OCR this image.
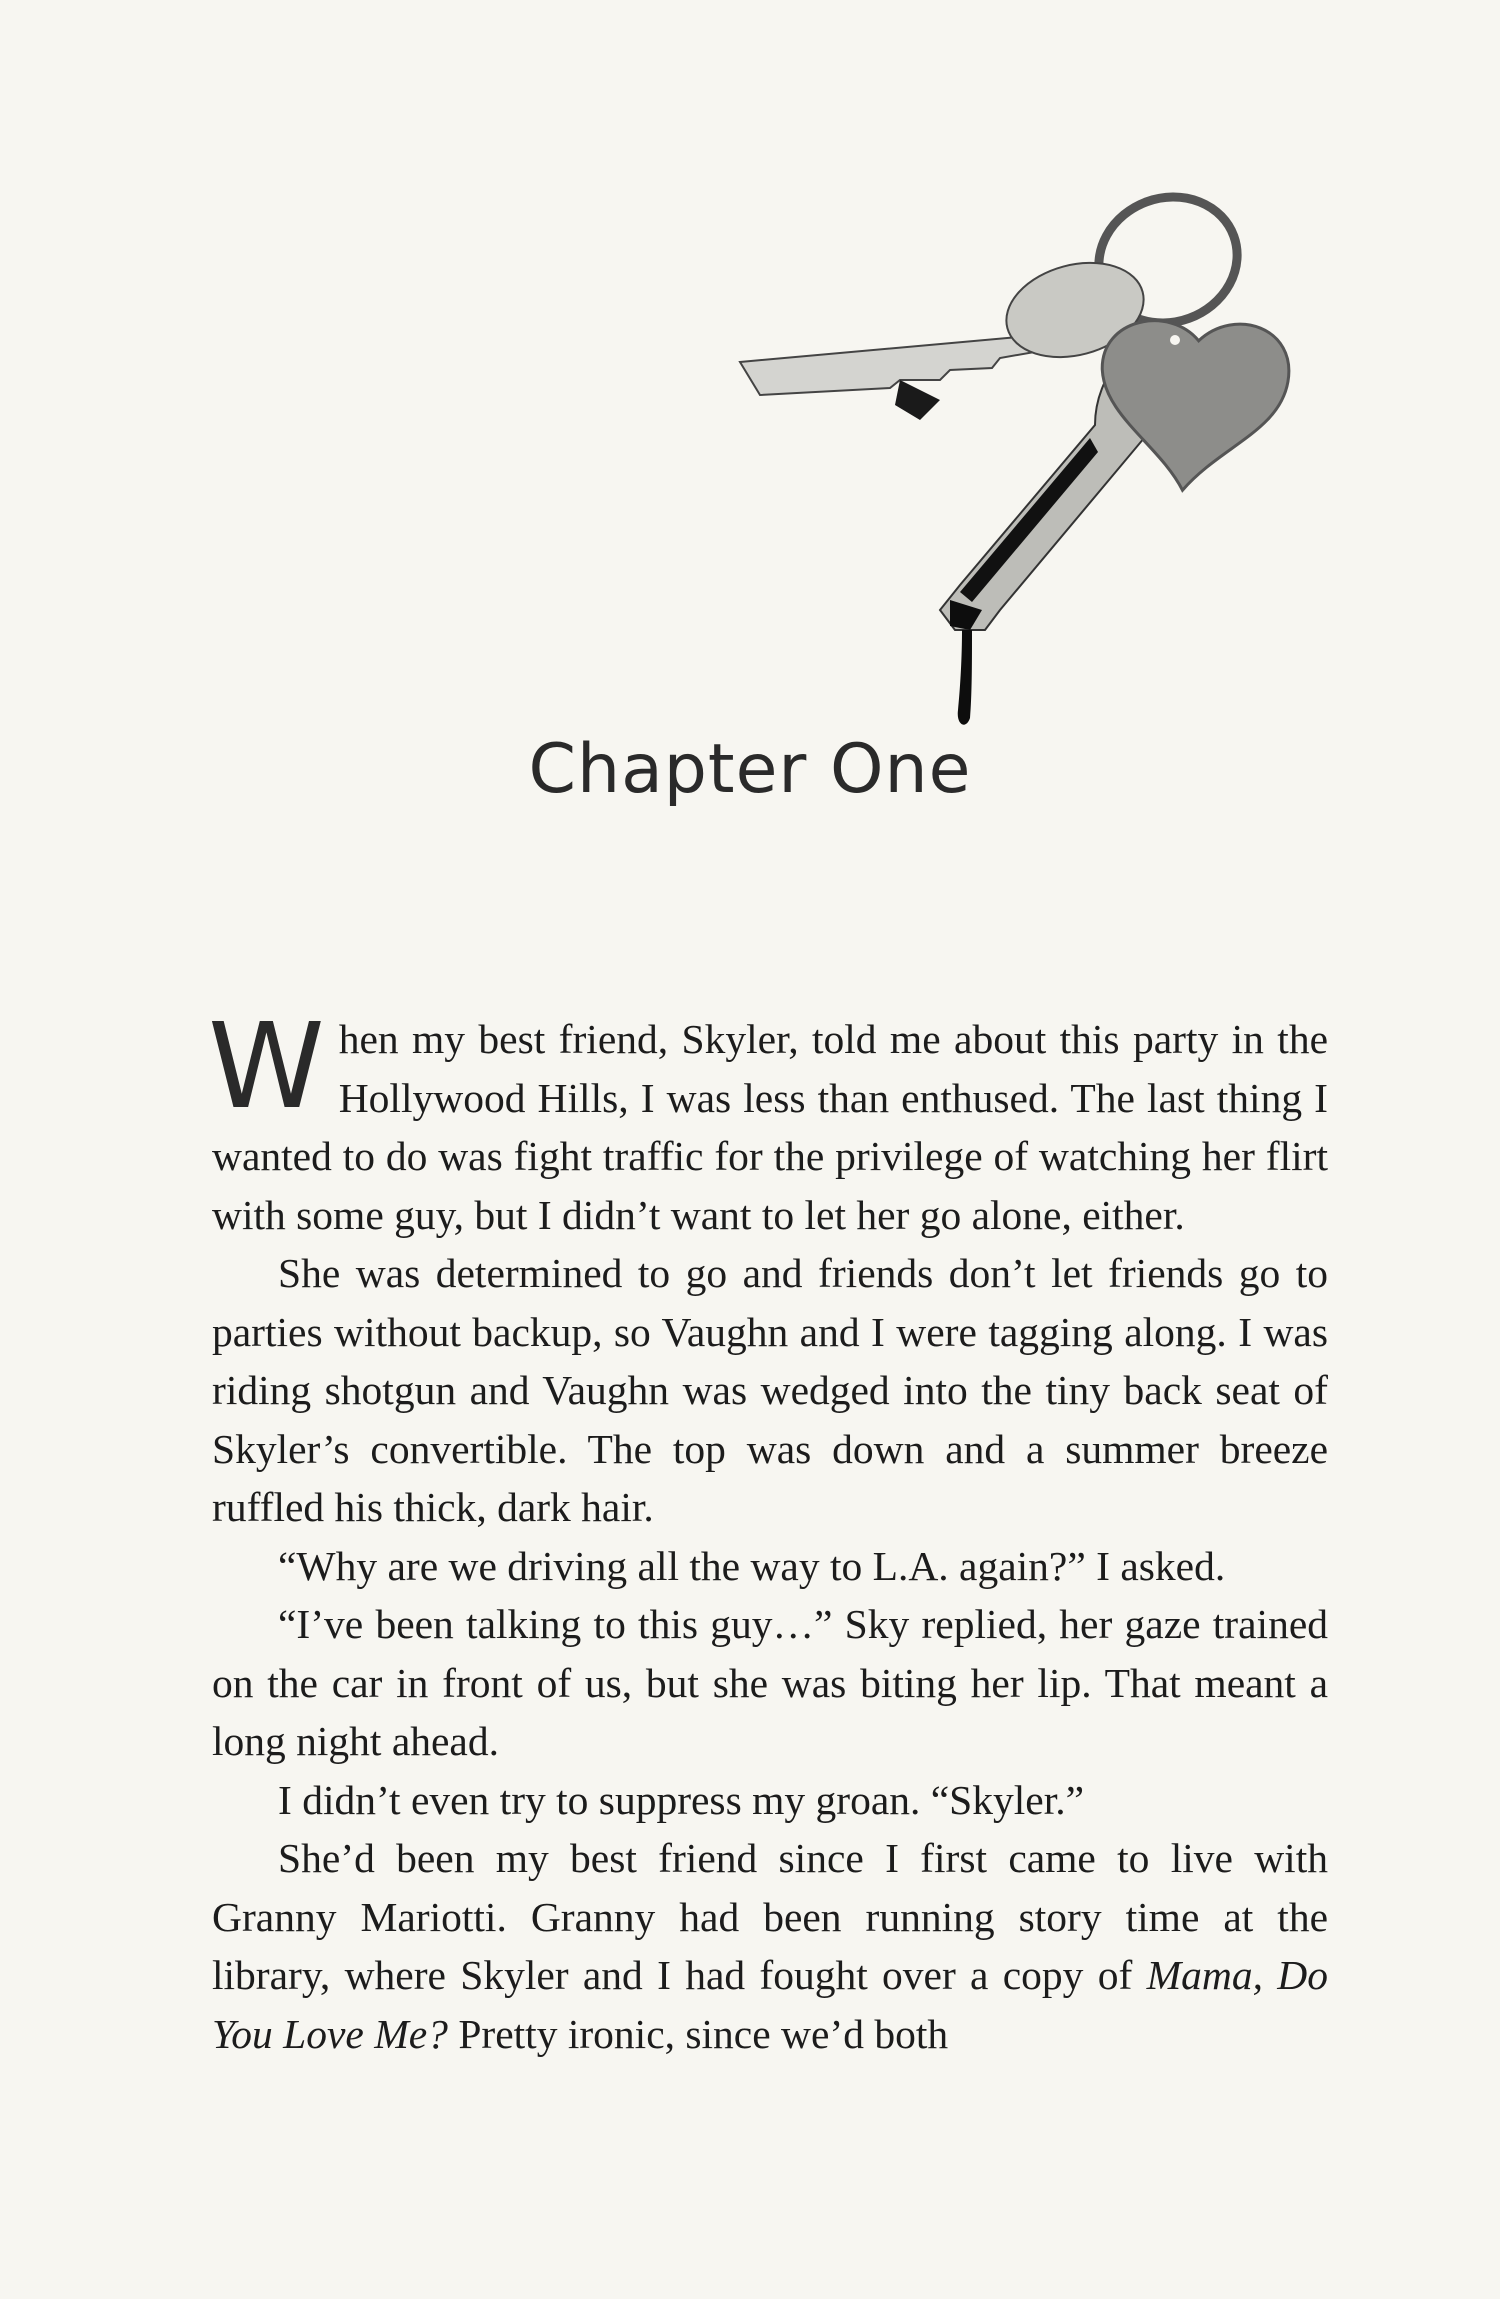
Chapter One

When my best friend, Skyler, told me about this party in the Hollywood Hills, I was less than enthused. The last thing I wanted to do was fight traffic for the privilege of watching her flirt with some guy, but I didn’t want to let her go alone, either.

She was determined to go and friends don’t let friends go to parties without backup, so Vaughn and I were tagging along. I was riding shotgun and Vaughn was wedged into the tiny back seat of Skyler’s convertible. The top was down and a summer breeze ruffled his thick, dark hair.

“Why are we driving all the way to L.A. again?” I asked.

“I’ve been talking to this guy…” Sky replied, her gaze trained on the car in front of us, but she was biting her lip. That meant a long night ahead.

I didn’t even try to suppress my groan. “Skyler.”

She’d been my best friend since I first came to live with Granny Mariotti. Granny had been running story time at the library, where Skyler and I had fought over a copy of Mama, Do You Love Me? Pretty ironic, since we’d both
